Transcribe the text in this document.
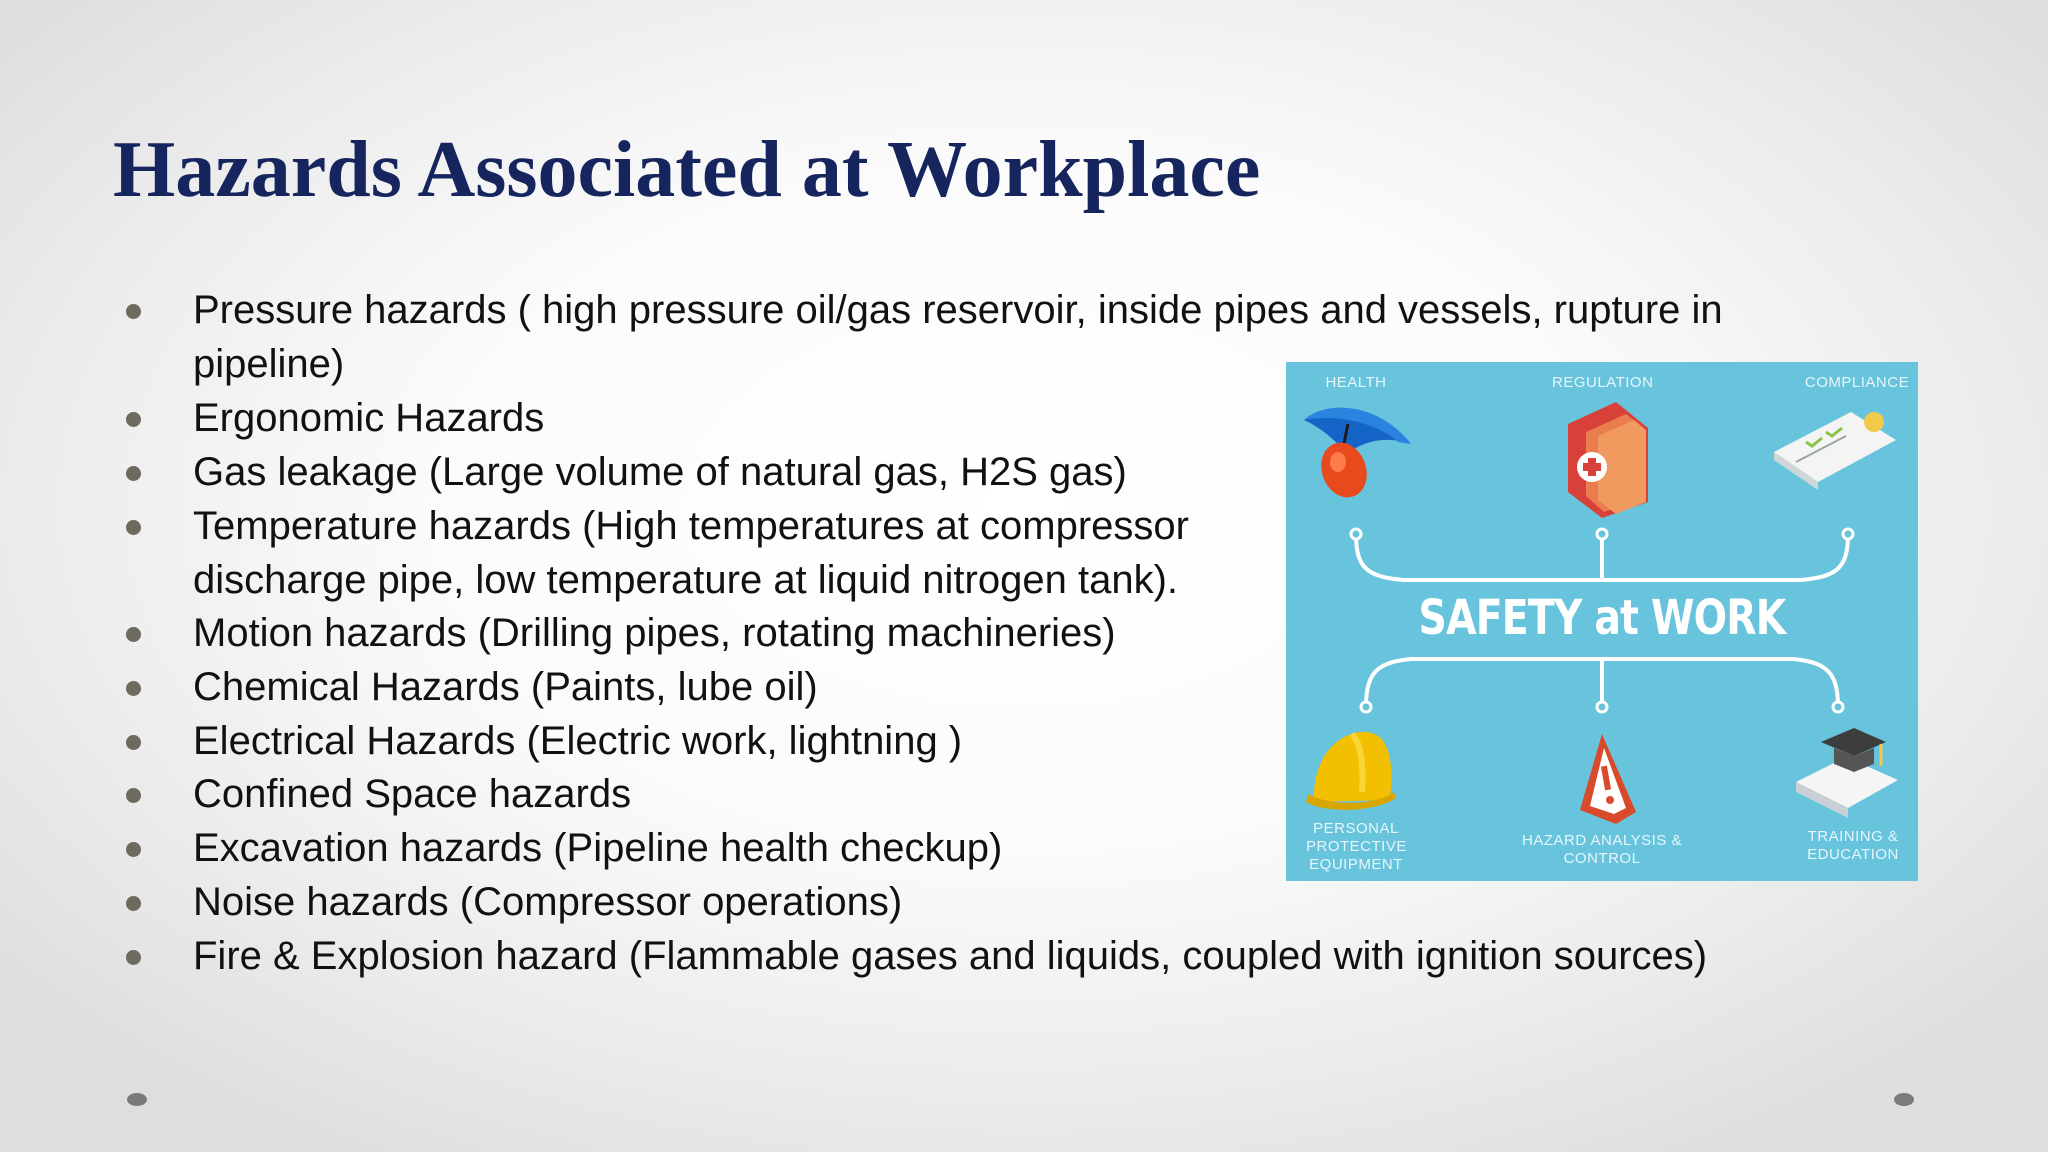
Hazards Associated at Workplace
Pressure hazards ( high pressure oil/gas reservoir, inside pipes and vessels, rupture in
pipeline)
Ergonomic Hazards
Gas leakage (Large volume of natural gas, H2S gas)
Temperature hazards (High temperatures at compressor
discharge pipe, low temperature at liquid nitrogen tank).
Motion hazards (Drilling pipes, rotating machineries)
Chemical Hazards (Paints, lube oil)
Electrical Hazards (Electric work, lightning )
Confined Space hazards
Excavation hazards (Pipeline health checkup)
Noise hazards (Compressor operations)
Fire & Explosion hazard (Flammable gases and liquids, coupled with ignition sources)
HEALTH	REGULATION	COMPLIANCE
SAFETY at WORK
PERSONAL
PROTECTIVE
EQUIPMENT
HAZARD ANALYSIS &
CONTROL
TRAINING &
EDUCATION
